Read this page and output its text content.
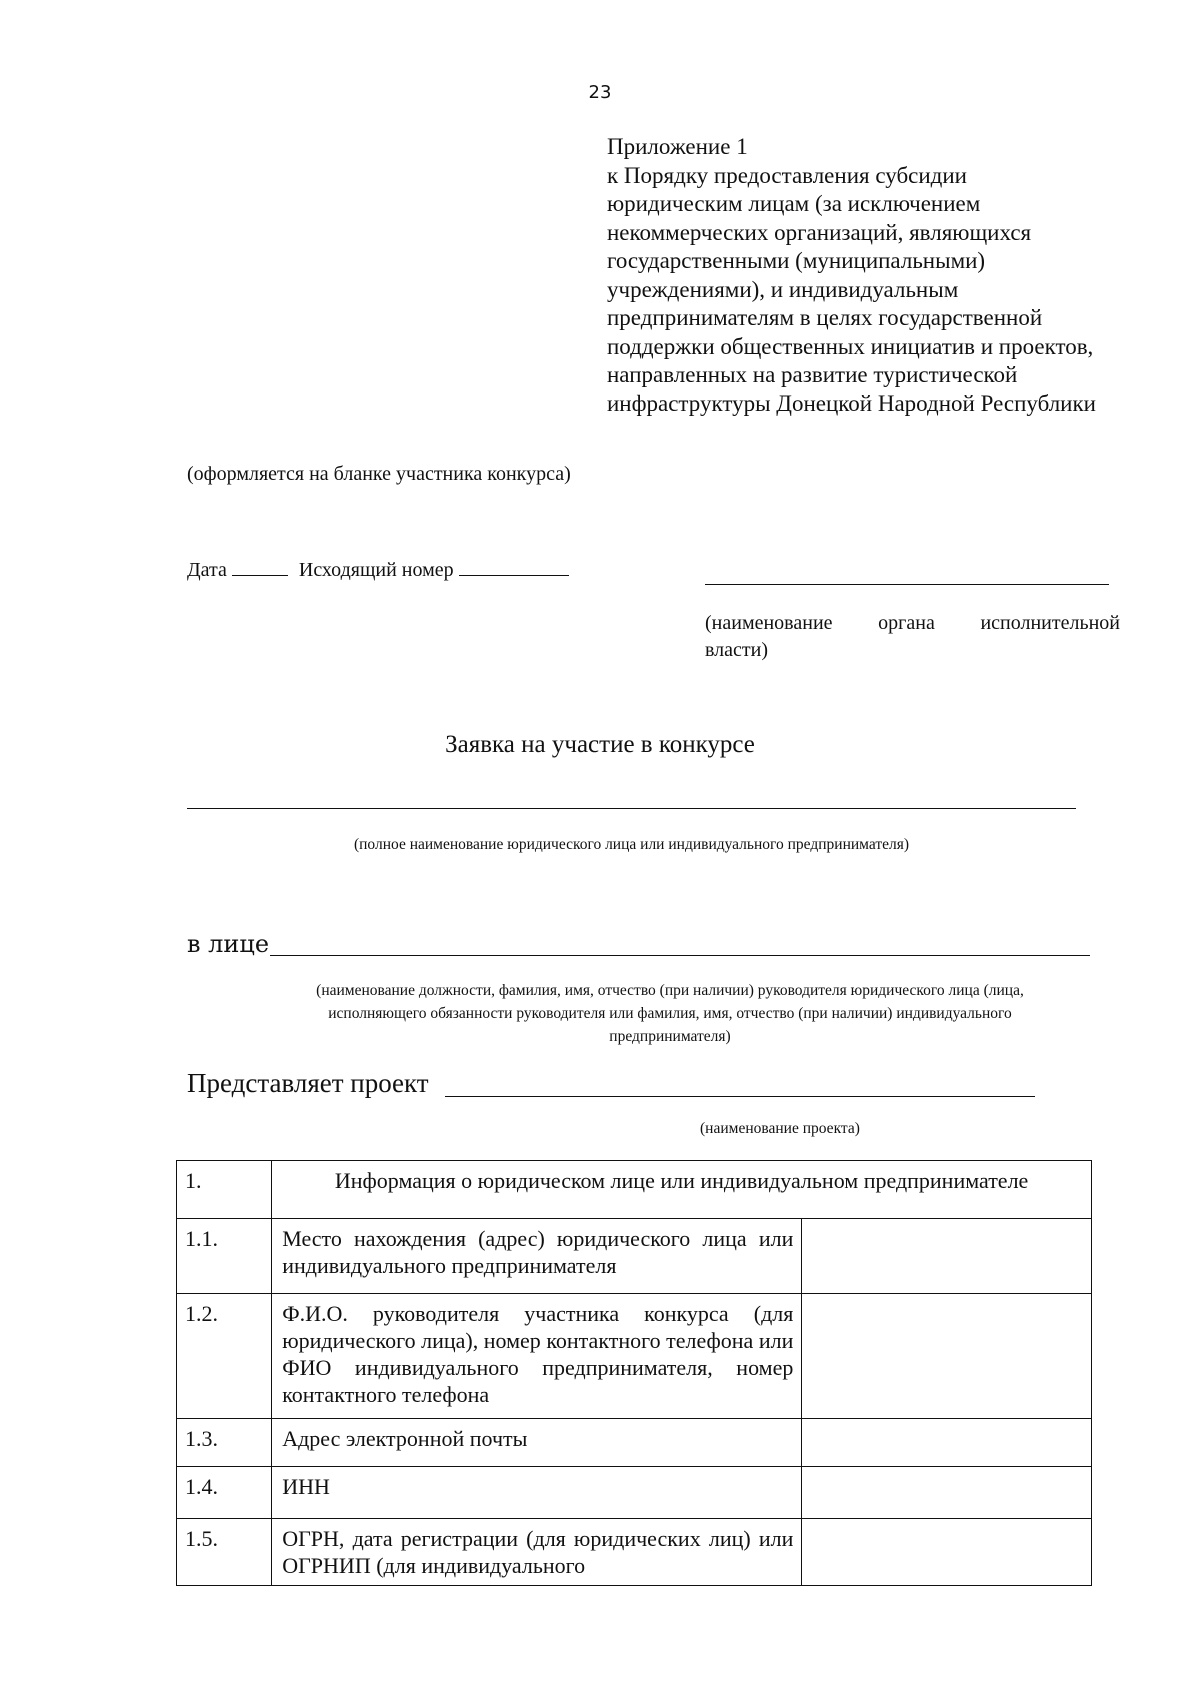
23
Приложение 1
к Порядку предоставления субсидии
юридическим лицам (за исключением
некоммерческих организаций, являющихся
государственными (муниципальными)
учреждениями), и индивидуальным
предпринимателям в целях государственной
поддержки общественных инициатив и проектов,
направленных на развитие туристической
инфраструктуры Донецкой Народной Республики
(оформляется на бланке участника конкурса)
Дата	Исходящий номер
(наименование органа исполнительной
власти)
Заявка на участие в конкурсе
(полное наименование юридического лица или индивидуального предпринимателя)
в лице
(наименование должности, фамилия, имя, отчество (при наличии) руководителя юридического лица (лица,
исполняющего обязанности руководителя или фамилия, имя, отчество (при наличии) индивидуального
предпринимателя)
Представляет проект
(наименование проекта)
1.	Информация о юридическом лице или индивидуальном предпринимателе	
1.1.	Место нахождения (адрес) юридического лица или индивидуального предпринимателя	
1.2.	Ф.И.О. руководителя участника конкурса (для юридического лица), номер контактного телефона или ФИО индивидуального предпринимателя, номер контактного телефона	
1.3.	Адрес электронной почты	
1.4.	ИНН	
1.5.	ОГРН, дата регистрации (для юридических лиц) или ОГРНИП (для индивидуального	
